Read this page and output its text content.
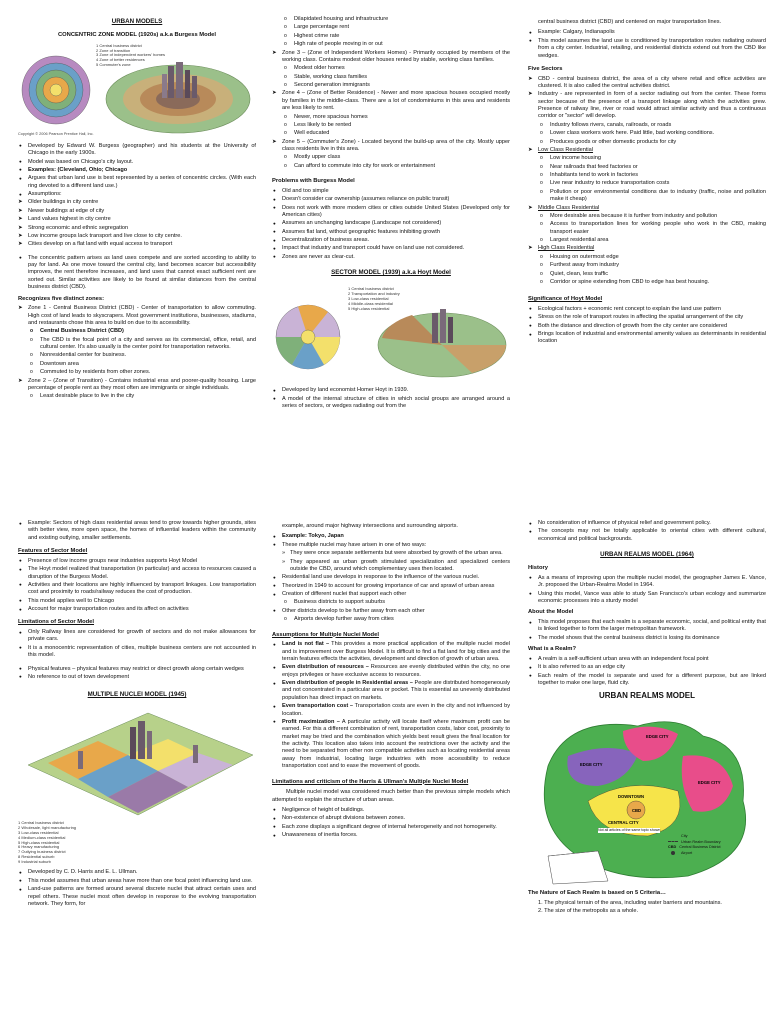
URBAN MODELS
CONCENTRIC ZONE MODEL (1920s) a.k.a Burgess Model
1 Central business district
2 Zone of transition
3 Zone of independent workers' homes
4 Zone of better residences
5 Commuter's zone
Copyright © 2006 Pearson Prentice Hall, Inc.
● Developed by Edward W. Burgess (geographer) and his students at the University of Chicago in the early 1900s.
● Model was based on Chicago's city layout.
● Examples: (Cleveland, Ohio; Chicago
● Argues that urban land use is best represented by a series of concentric circles. (With each ring devoted to a different land use.)
● Assumptions:
➤ Older buildings in city centre
➤ Newer buildings at edge of city
➤ Land values highest in city centre
➤ Strong economic and ethnic segregation
➤ Low income groups lack transport and live close to city centre.
➤ Cities develop on a flat land with equal access to transport
● The concentric pattern arises as land uses compete and are sorted according to ability to pay for land. As one move toward the central city, land becomes scarcer but accessibility improves, the rent therefore increases, and land uses that cannot exact sufficient rent are sorted out. Similar activities are likely to be found at similar distances from the central business district (CBD).
Recognizes five distinct zones:
➤ Zone 1 - Central Business District (CBD) - Center of transportation to allow commuting. High cost of land leads to skyscrapers. Most government institutions, businesses, stadiums, and restaurants chose this area to build on due to its accessibility.
o Central Business District (CBD)
o The CBD is the focal point of a city and serves as its commercial, office, retail, and cultural center. It's also usually is the center point for transportation networks.
o Nonresidential center for business.
o Downtown area
o Commuted to by residents from other zones.
➤ Zone 2 – (Zone of Transition) - Contains industrial eras and poorer-quality housing. Large percentage of people rent as they most often are immigrants or single individuals.
o Least desirable place to live in the city
o Dilapidated housing and infrastructure
o Large percentage rent
o Highest crime rate
o High rate of people moving in or out
➤ Zone 3 – (Zone of Independent Workers Homes) - Primarily occupied by members of the working class. Contains modest older houses rented by stable, working class families.
o Modest older homes
o Stable, working class families
o Second generation immigrants
➤ Zone 4 – (Zone of Better Residence) - Newer and more spacious houses occupied mostly by families in the middle-class. There are a lot of condominiums in this area and residents are less likely to rent.
o Newer, more spacious homes
o Less likely to be rented
o Well educated
➤ Zone 5 – (Commuter's Zone) - Located beyond the build-up area of the city. Mostly upper class residents live in this area.
o Mostly upper class
o Can afford to commute into city for work or entertainment
Problems with Burgess Model
● Old and too simple
● Doesn't consider car ownership (assumes reliance on public transit)
● Does not work with more modern cities or cities outside United States (Developed only for American cities)
● Assumes an unchanging landscape (Landscape not considered)
● Assumes flat land, without geographic features inhibiting growth
● Decentralization of business areas.
● Impact that industry and transport could have on land use not considered.
● Zones are never as clear-cut.
SECTOR MODEL (1939) a.k.a Hoyt Model
1 Central business district
2 Transportation and industry
3 Low-class residential
4 Middle-class residential
5 High-class residential
● Developed by land economist Homer Hoyt in 1939.
● A model of the internal structure of cities in which social groups are arranged around a series of sectors, or wedges radiating out from the

central business district (CBD) and centered on major transportation lines.

● Example: Calgary, Indianapolis
● This model assumes the land use is conditioned by transportation routes radiating outward from a city center. Industrial, retailing, and residential districts extend out from the CBD like wedges.
Five Sectors
➤ CBD - central business district, the area of a city where retail and office activities are clustered. It is also called the central activities district.
➤ Industry - are represented in form of a sector radiating out from the center. These forms sector because of the presence of a transport linkage along which the activities grew. Presence of railway line, river or road would attract similar activity and thus a continuous corridor or "sector" will develop.
o Industry follows rivers, canals, railroads, or roads
o Lower class workers work here. Paid little, bad working conditions.
o Produces goods or other domestic products for city
➤ Low Class Residential
o Low income housing
o Near railroads that feed factories or
o Inhabitants tend to work in factories
o Live near industry to reduce transportation costs
o Pollution or poor environmental conditions due to industry (traffic, noise and pollution make it cheap)
➤ Middle Class Residential
o More desirable area because it is further from industry and pollution
o Access to transportation lines for working people who work in the CBD, making transport easier
o Largest residential area
➤ High Class Residential
o Housing on outermost edge
o Furthest away from industry
o Quiet, clean, less traffic
o Corridor or spine extending from CBD to edge has best housing.
Significance of Hoyt Model
● Ecological factors + economic rent concept to explain the land use pattern
● Stress on the role of transport routes in affecting the spatial arrangement of the city
● Both the distance and direction of growth from the city center are considered
● Brings location of industrial and environmental amenity values as determinants in residential location
● Example: Sectors of high class residential areas tend to grow towards higher grounds, sites with better view, more open space, the homes of influential leaders within the community and existing outlying, smaller settlements.
Features of Sector Model
● Presence of low income groups near industries supports Hoyt Model
● The Hoyt model realized that transportation (in particular) and access to resources caused a disruption of the Burgess Model.
● Activities and their locations are highly influenced by transport linkages. Low transportation cost and proximity to roads/railway reduces the cost of production.
● This model applies well to Chicago
● Account for major transportation routes and its affect on activities
Limitations of Sector Model
● Only Railway lines are considered for growth of sectors and do not make allowances for private cars.
● It is a monocentric representation of cities, multiple business centers are not accounted in this model.
● Physical features – physical features may restrict or direct growth along certain wedges
● No reference to out of town development
MULTIPLE NUCLEI MODEL (1945)
1 Central business district
2 Wholesale, light manufacturing
3 Low-class residential
4 Medium-class residential
5 High-class residential
6 Heavy manufacturing
7 Outlying business district
8 Residential suburb
9 Industrial suburb
● Developed by C. D. Harris and E. L. Ullman.
● This model assumes that urban areas have more than one focal point influencing land use.
● Land-use patterns are formed around several discrete nuclei that attract certain uses and repel others. These nuclei most often develop in response to the evolving transportation network. They form, for

example, around major highway intersections and surrounding airports.

● Example: Tokyo, Japan
● These multiple nuclei may have arisen in one of two ways:
» They were once separate settlements but were absorbed by growth of the urban area.
» They appeared as urban growth stimulated specialization and specialized centers outside the CBD, around which complementary uses then located.
● Residential land use develops in response to the influence of the various nuclei.
● Theorized in 1949 to account for growing importance of car and sprawl of urban areas
● Creation of different nuclei that support each other
o Business districts to support suburbs
● Other districts develop to be further away from each other
o Airports develop further away from cities
Assumptions for Multiple Nuclei Model
● Land is not flat – This provides a more practical application of the multiple nuclei model and is improvement over Burgess Model. It is difficult to find a flat land for big cities and the terrain features effects the activities, development and direction of growth of urban area.
● Even distribution of resources – Resources are evenly distributed within the city, no one enjoys privileges or have exclusive access to resources.
● Even distribution of people in Residential areas – People are distributed homogeneously and not concentrated in a particular area or pocket. This is essential as unevenly distributed population has direct impact on markets.
● Even transportation cost – Transportation costs are even in the city and not influenced by location.
● Profit maximization – A particular activity will locate itself where maximum profit can be earned. For this a different combination of rent, transportation costs, labor cost, proximity to market may be tried and the combination which yields best result gives the final location for the activity. This location also takes into account the restrictions over the activity and the need to be separated from other non compatible activities such as locating residential areas away from industrial, locating large industries with more accessibility to reduce transportation cost and to ease the movement of goods.
Limitations and criticism of the Harris & Ullman's Multiple Nuclei Model

Multiple nuclei model was considered much better than the previous simple models which attempted to explain the structure of urban areas.

● Negligence of height of buildings.
● Non-existence of abrupt divisions between zones.
● Each zone displays a significant degree of internal heterogeneity and not homogeneity.
● Unawareness of inertia forces.
● No consideration of influence of physical relief and government policy.
● The concepts may not be totally applicable to oriental cities with different cultural, economical and political backgrounds.
URBAN REALMS MODEL (1964)
History
● As a means of improving upon the multiple nuclei model, the geographer James E. Vance, Jr. proposed the Urban-Realms Model in 1964.
● Using this model, Vance was able to study San Francisco's urban ecology and summarize economic processes into a sturdy model
About the Model
● This model proposes that each realm is a separate economic, social, and political entity that is linked together to form the larger metropolitan framework.
● The model shows that the central business district is losing its dominance
What is a Realm?
● A realm is a self-sufficient urban area with an independent focal point
● It is also referred to as an edge city
● Each realm of the model is separate and used for a different purpose, but are linked together to make one large, fluid city.
URBAN REALMS MODEL
EDGE CITY
EDGE CITY
EDGE CITY
DOWNTOWN
CENTRAL CITY
CBD
Not all articles of the same topic shown
City
Urban Realm Boundary
CBD Central Business District
Airport
The Nature of Each Realm is based on 5 Criteria…

1. The physical terrain of the area, including water barriers and mountains.

2. The size of the metropolis as a whole.
